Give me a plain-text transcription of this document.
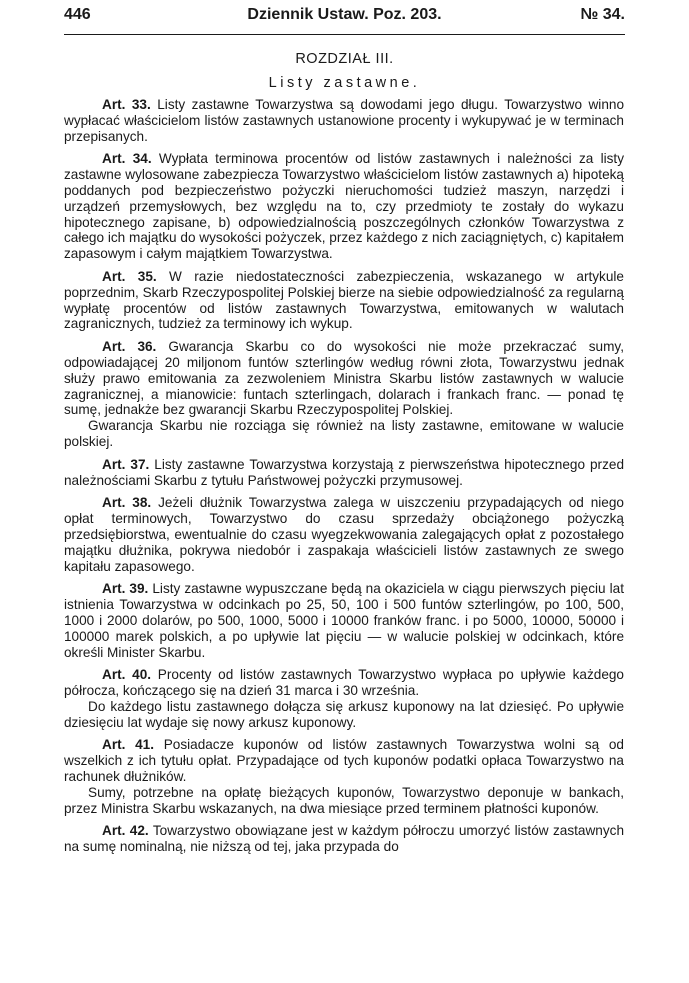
446	Dziennik Ustaw. Poz. 203.	№ 34.
ROZDZIAŁ III.
Listy zastawne.

Art. 33. Listy zastawne Towarzystwa są dowodami jego długu. Towarzystwo winno wypłacać właścicielom listów zastawnych ustanowione procenty i wykupywać je w terminach przepisanych.

Art. 34. Wypłata terminowa procentów od listów zastawnych i należności za listy zastawne wylosowane zabezpiecza Towarzystwo właścicielom listów zastawnych a) hipoteką poddanych pod bezpieczeństwo pożyczki nieruchomości tudzież maszyn, narzędzi i urządzeń przemysłowych, bez względu na to, czy przedmioty te zostały do wykazu hipotecznego zapisane, b) odpowiedzialnością poszczególnych członków Towarzystwa z całego ich majątku do wysokości pożyczek, przez każdego z nich zaciągniętych, c) kapitałem zapasowym i całym majątkiem Towarzystwa.

Art. 35. W razie niedostateczności zabezpieczenia, wskazanego w artykule poprzednim, Skarb Rzeczypospolitej Polskiej bierze na siebie odpowiedzialność za regularną wypłatę procentów od listów zastawnych Towarzystwa, emitowanych w walutach zagranicznych, tudzież za terminowy ich wykup.

Art. 36. Gwarancja Skarbu co do wysokości nie może przekraczać sumy, odpowiadającej 20 miljonom funtów szterlingów według równi złota, Towarzystwu jednak służy prawo emitowania za zezwoleniem Ministra Skarbu listów zastawnych w walucie zagranicznej, a mianowicie: funtach szterlingach, dolarach i frankach franc. — ponad tę sumę, jednakże bez gwarancji Skarbu Rzeczypospolitej Polskiej.

Gwarancja Skarbu nie rozciąga się również na listy zastawne, emitowane w walucie polskiej.

Art. 37. Listy zastawne Towarzystwa korzystają z pierwszeństwa hipotecznego przed należnościami Skarbu z tytułu Państwowej pożyczki przymusowej.

Art. 38. Jeżeli dłużnik Towarzystwa zalega w uiszczeniu przypadających od niego opłat terminowych, Towarzystwo do czasu sprzedaży obciążonego pożyczką przedsiębiorstwa, ewentualnie do czasu wyegzekwowania zalegających opłat z pozostałego majątku dłużnika, pokrywa niedobór i zaspakaja właścicieli listów zastawnych ze swego kapitału zapasowego.

Art. 39. Listy zastawne wypuszczane będą na okaziciela w ciągu pierwszych pięciu lat istnienia Towarzystwa w odcinkach po 25, 50, 100 i 500 funtów szterlingów, po 100, 500, 1000 i 2000 dolarów, po 500, 1000, 5000 i 10000 franków franc. i po 5000, 10000, 50000 i 100000 marek polskich, a po upływie lat pięciu — w walucie polskiej w odcinkach, które określi Minister Skarbu.

Art. 40. Procenty od listów zastawnych Towarzystwo wypłaca po upływie każdego półrocza, kończącego się na dzień 31 marca i 30 września.

Do każdego listu zastawnego dołącza się arkusz kuponowy na lat dziesięć. Po upływie dziesięciu lat wydaje się nowy arkusz kuponowy.

Art. 41. Posiadacze kuponów od listów zastawnych Towarzystwa wolni są od wszelkich z ich tytułu opłat. Przypadające od tych kuponów podatki opłaca Towarzystwo na rachunek dłużników.

Sumy, potrzebne na opłatę bieżących kuponów, Towarzystwo deponuje w bankach, przez Ministra Skarbu wskazanych, na dwa miesiące przed terminem płatności kuponów.

Art. 42. Towarzystwo obowiązane jest w każdym półroczu umorzyć listów zastawnych na sumę nominalną, nie niższą od tej, jaka przypada do
